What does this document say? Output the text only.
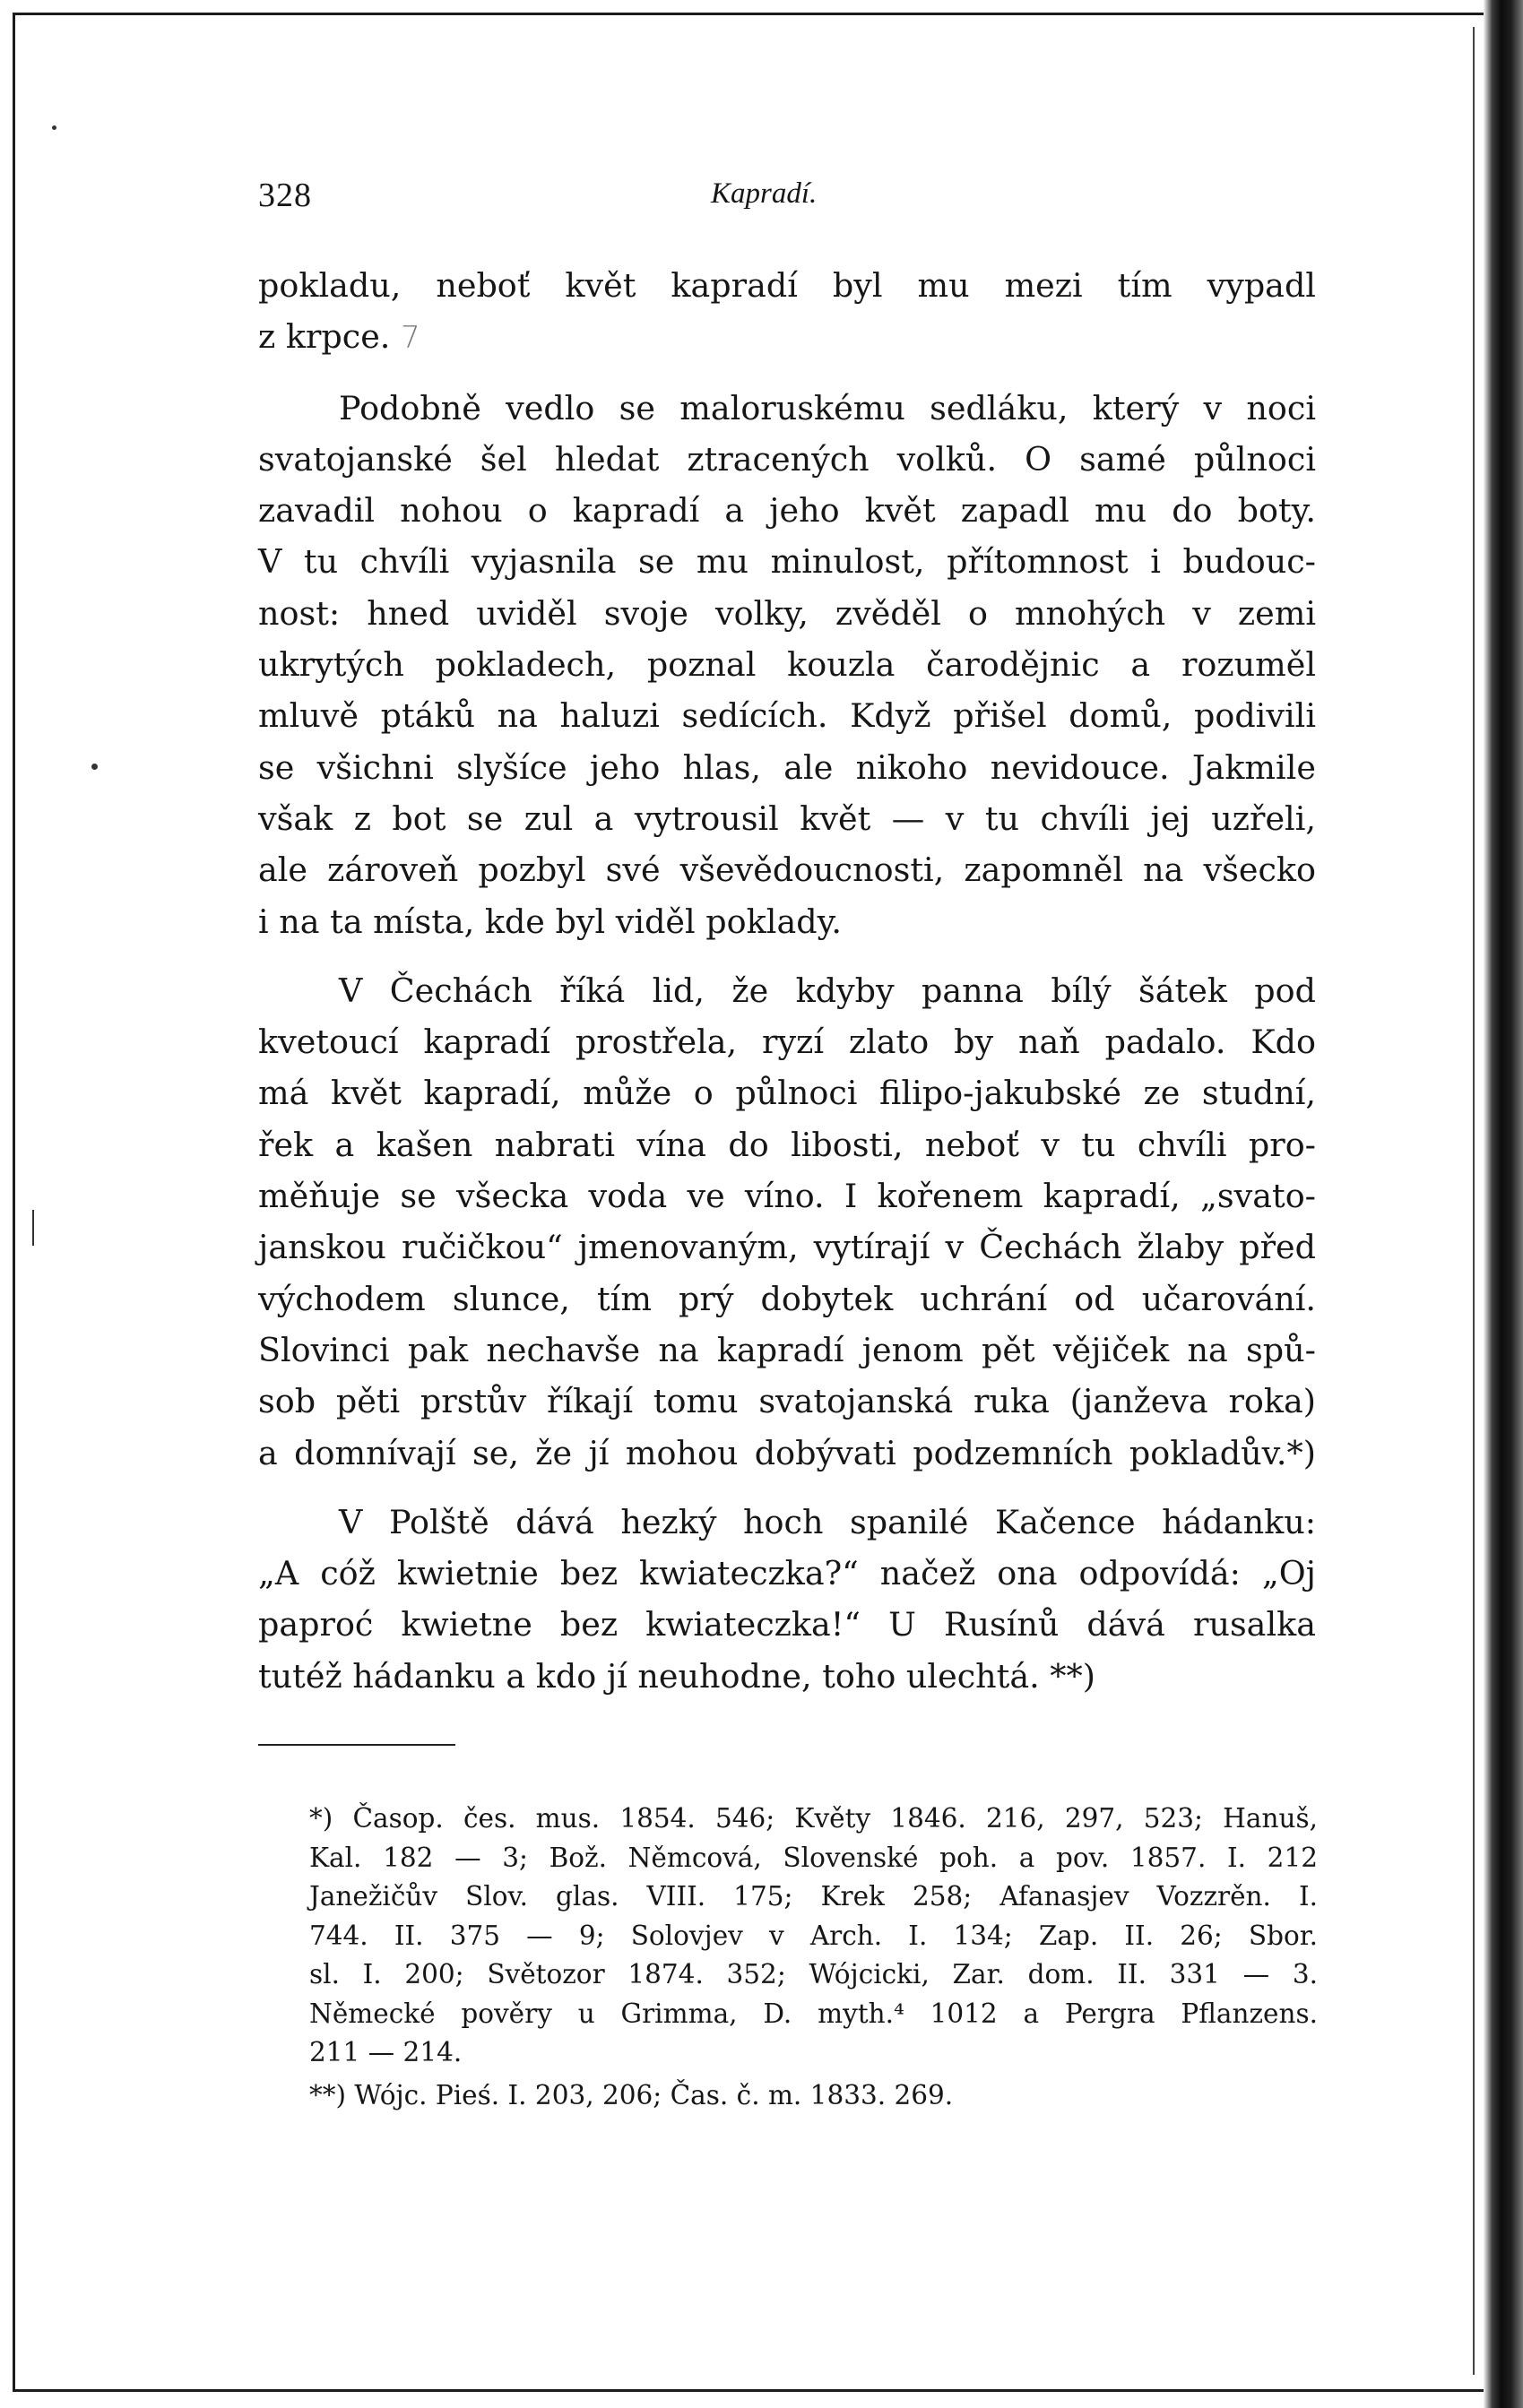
328	Kapradí.

pokladu, neboť květ kapradí byl mu mezi tím vypadl
z krpce. 7

Podobně vedlo se maloruskému sedláku, který v noci
svatojanské šel hledat ztracených volků. O samé půlnoci
zavadil nohou o kapradí a jeho květ zapadl mu do boty.
V tu chvíli vyjasnila se mu minulost, přítomnost i budouc-
nost: hned uviděl svoje volky, zvěděl o mnohých v zemi
ukrytých pokladech, poznal kouzla čarodějnic a rozuměl
mluvě ptáků na haluzi sedících. Když přišel domů, podivili
se všichni slyšíce jeho hlas, ale nikoho nevidouce. Jakmile
však z bot se zul a vytrousil květ — v tu chvíli jej uzřeli,
ale zároveň pozbyl své vševědoucnosti, zapomněl na všecko
i na ta místa, kde byl viděl poklady.

V Čechách říká lid, že kdyby panna bílý šátek pod
kvetoucí kapradí prostřela, ryzí zlato by naň padalo. Kdo
má květ kapradí, může o půlnoci filipo-jakubské ze studní,
řek a kašen nabrati vína do libosti, neboť v tu chvíli pro-
měňuje se všecka voda ve víno. I kořenem kapradí, „svato-
janskou ručičkou“ jmenovaným, vytírají v Čechách žlaby před
východem slunce, tím prý dobytek uchrání od učarování.
Slovinci pak nechavše na kapradí jenom pět vějiček na spů-
sob pěti prstův říkají tomu svatojanská ruka (janževa roka)
a domnívají se, že jí mohou dobývati podzemních pokladův.*)

V Polště dává hezký hoch spanilé Kačence hádanku:
„A cóž kwietnie bez kwiateczka?“ načež ona odpovídá: „Oj
paproć kwietne bez kwiateczka!“ U Rusínů dává rusalka
tutéž hádanku a kdo jí neuhodne, toho ulechtá. **)

*) Časop. čes. mus. 1854. 546; Květy 1846. 216, 297, 523; Hanuš,
Kal. 182 — 3; Bož. Němcová, Slovenské poh. a pov. 1857. I. 212
Janežičův Slov. glas. VIII. 175; Krek 258; Afanasjev Vozzrěn. I.
744. II. 375 — 9; Solovjev v Arch. I. 134; Zap. II. 26; Sbor.
sl. I. 200; Světozor 1874. 352; Wójcicki, Zar. dom. II. 331 — 3.
Německé pověry u Grimma, D. myth.⁴ 1012 a Pergra Pflanzens.
211 — 214.
**) Wójc. Pieś. I. 203, 206; Čas. č. m. 1833. 269.
